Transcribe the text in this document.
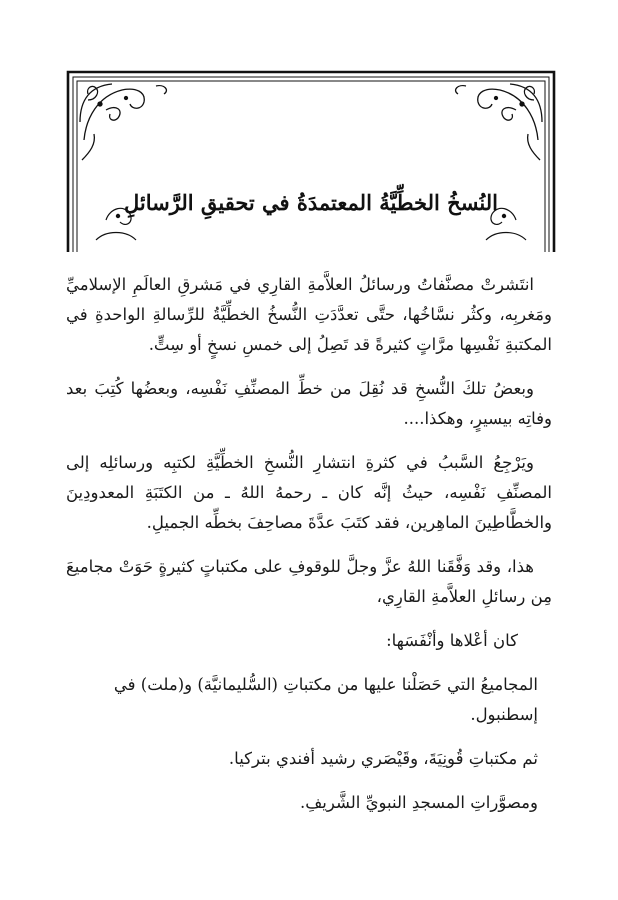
النُسخُ الخطِّيَّةُ المعتمدَةُ في تحقيقِ الرَّسائلِ

انتَشرتْ مصنَّفاتُ ورسائلُ العلاَّمةِ القارِي في مَشرقِ العالَمِ الإسلاميِّ ومَغربِه، وكثُر نسَّاخُها، حتَّى تعدَّدَتِ النُّسخُ الخطِّيَّةُ للرِّسالةِ الواحدةِ في المكتبةِ نَفْسِها مرَّاتٍ كثيرةً قد تَصِلُ إلى خمسِ نسخٍ أو سِتٍّ.

وبعضُ تلكَ النُّسخِ قد نُقِلَ من خطِّ المصنِّفِ نَفْسِه، وبعضُها كُتِبَ بعد وفاتِه بيسيرٍ، وهكذا....

ويَرْجِعُ السَّببُ في كثرةِ انتشارِ النُّسخِ الخطِّيَّةِ لكتبِه ورسائلِه إلى المصنِّفِ نَفْسِه، حيثُ إنَّه كان ـ رحمهُ اللهُ ـ من الكتَبَةِ المعدودِينَ والخطَّاطِينَ الماهِرين، فقد كتَبَ عدَّةَ مصاحِفَ بخطِّه الجميلِ.

هذا، وقد وَفَّقَنا اللهُ عزَّ وجلَّ للوقوفِ على مكتباتٍ كثيرةٍ حَوَتْ مجاميعَ مِن رسائلِ العلاَّمةِ القارِي،

كان أعْلاها وأنْفَسَها:

المجاميعُ التي حَصَلْنا عليها من مكتباتِ (السُّليمانيَّة) و(ملت) في إسطنبول.

ثم مكتباتِ قُونِيَةَ، وقَيْصَري رشيد أفندي بتركيا.

ومصوَّراتِ المسجدِ النبويِّ الشَّريفِ.
